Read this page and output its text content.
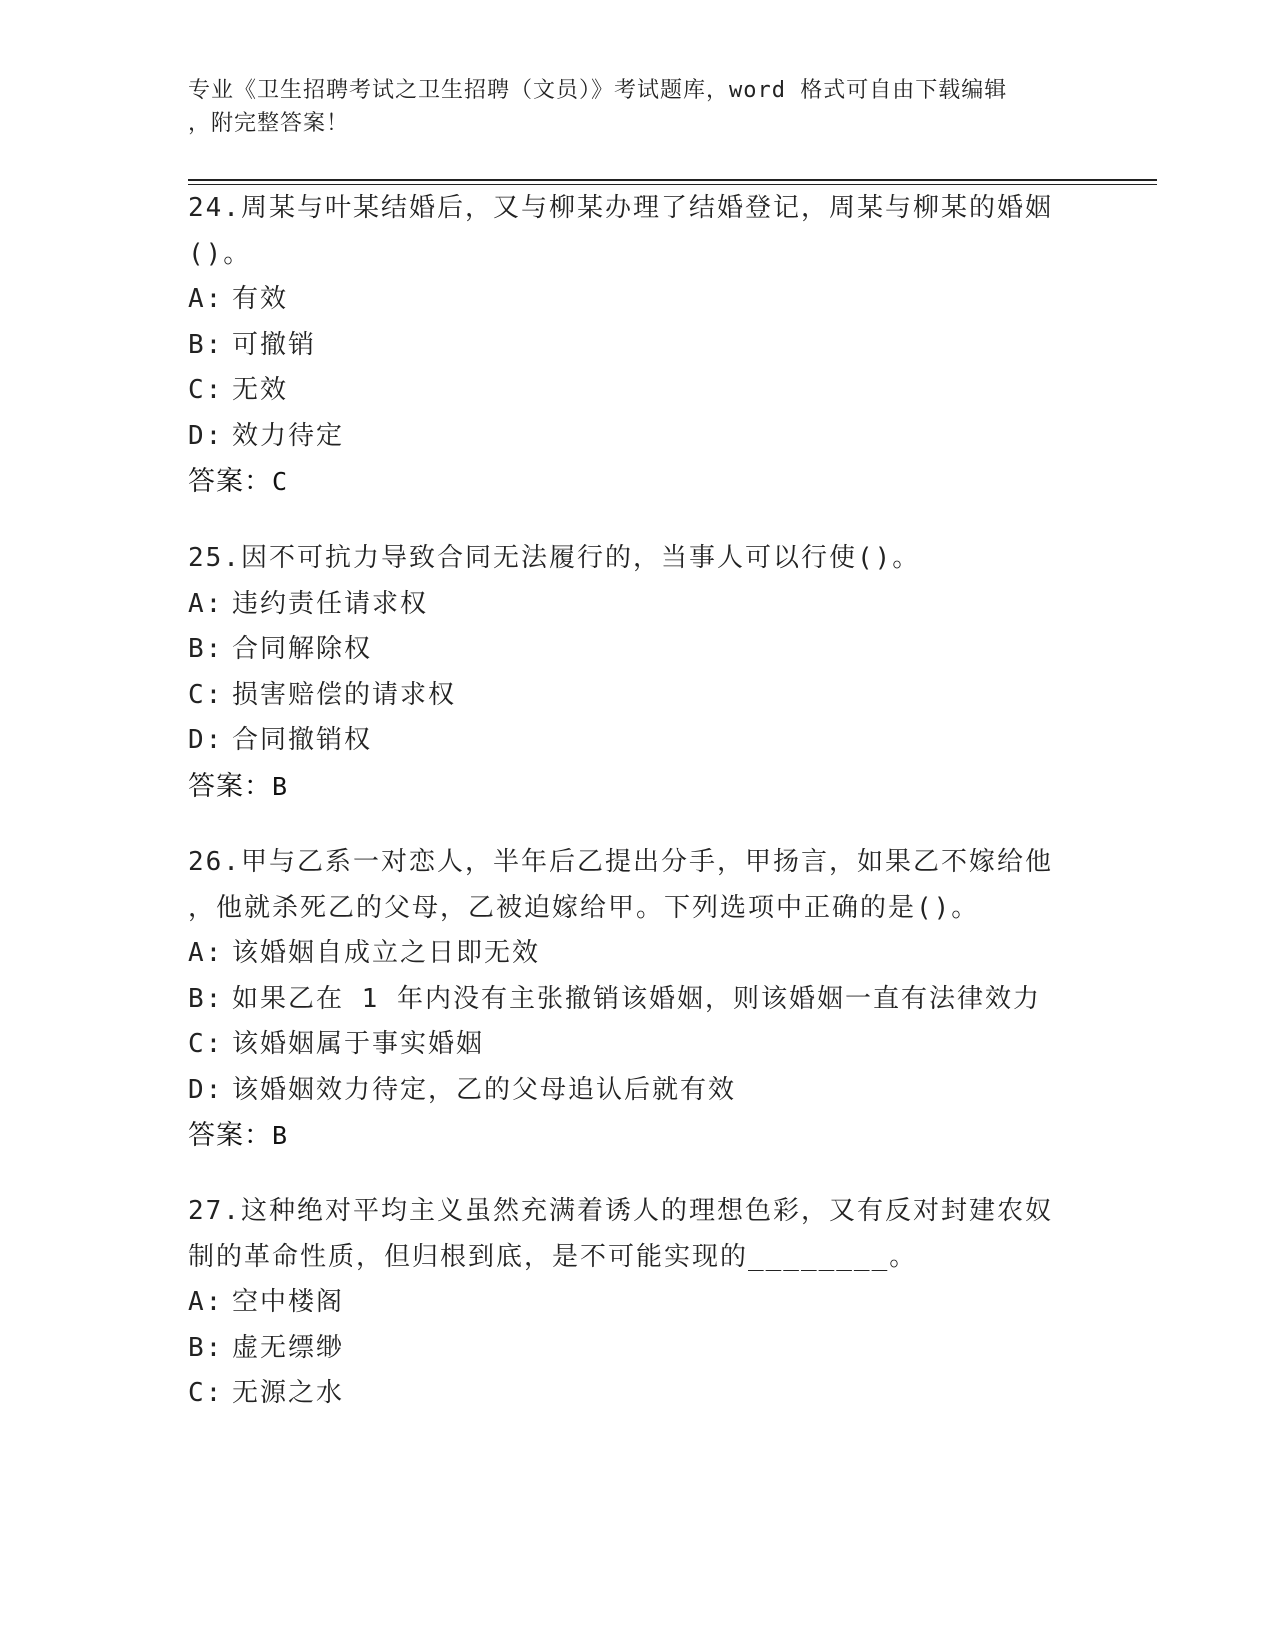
专业《卫生招聘考试之卫生招聘（文员）》考试题库，word 格式可自由下载编辑
，附完整答案！
24.周某与叶某结婚后，又与柳某办理了结婚登记，周某与柳某的婚姻
()。
A: 有效
B: 可撤销
C: 无效
D: 效力待定
答案：C
25.因不可抗力导致合同无法履行的，当事人可以行使()。
A: 违约责任请求权
B: 合同解除权
C: 损害赔偿的请求权
D: 合同撤销权
答案：B
26.甲与乙系一对恋人，半年后乙提出分手，甲扬言，如果乙不嫁给他
，他就杀死乙的父母，乙被迫嫁给甲。下列选项中正确的是()。
A: 该婚姻自成立之日即无效
B: 如果乙在 1 年内没有主张撤销该婚姻，则该婚姻一直有法律效力
C: 该婚姻属于事实婚姻
D: 该婚姻效力待定，乙的父母追认后就有效
答案：B
27.这种绝对平均主义虽然充满着诱人的理想色彩，又有反对封建农奴
制的革命性质，但归根到底，是不可能实现的________。
A: 空中楼阁
B: 虚无缥缈
C: 无源之水
